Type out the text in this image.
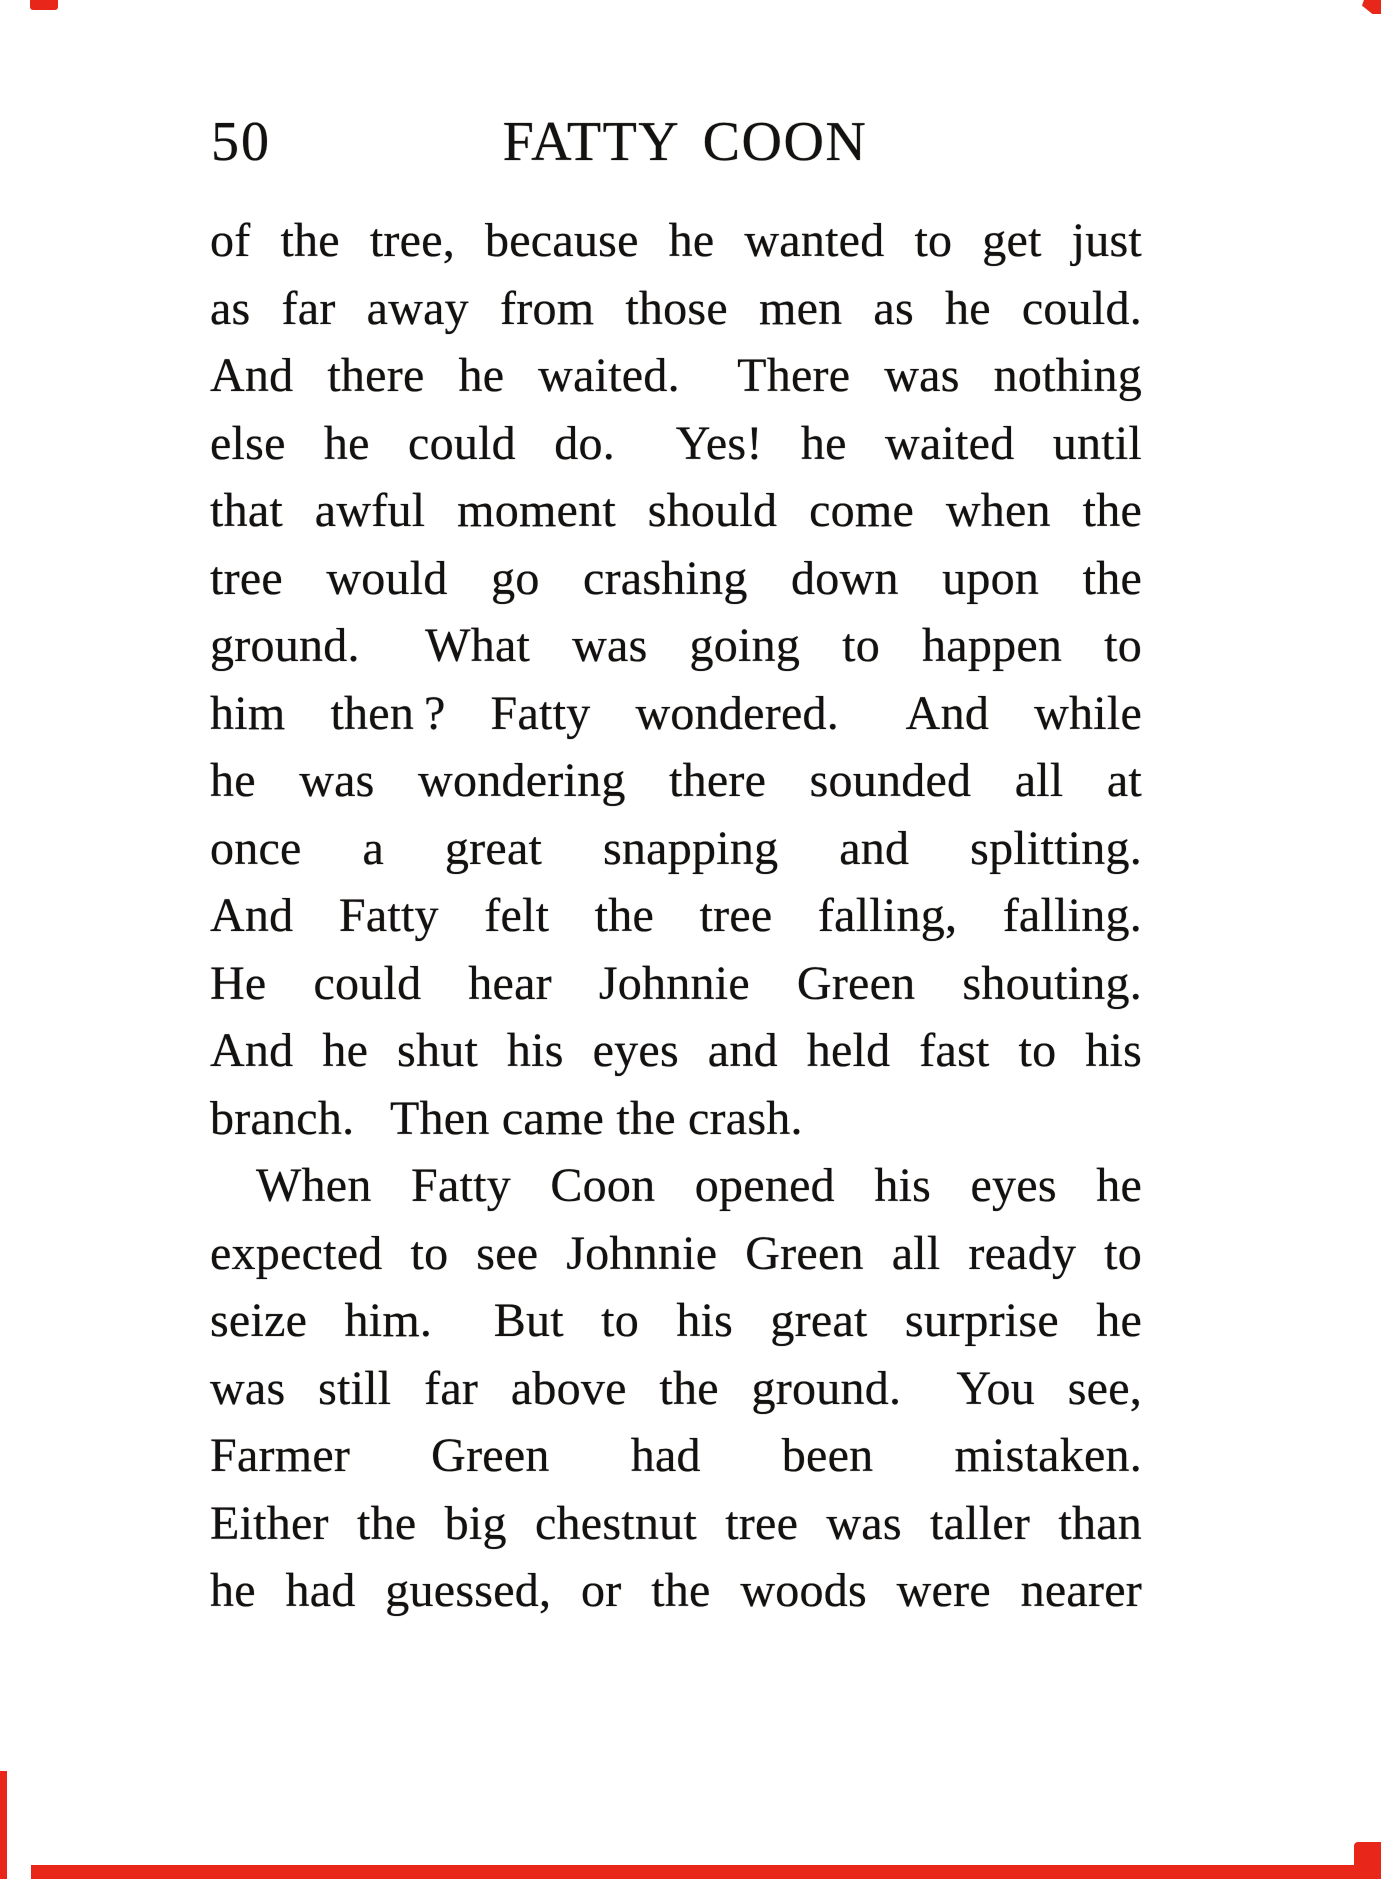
50	FATTY COON
of the tree, because he wanted to get just
as far away from those men as he could.
And there he waited.  There was nothing
else he could do.  Yes! he waited until
that awful moment should come when the
tree would go crashing down upon the
ground.  What was going to happen to
him then ? Fatty wondered.  And while
he was wondering there sounded all at
once a great snapping and splitting.
And Fatty felt the tree falling, falling.
He could hear Johnnie Green shouting.
And he shut his eyes and held fast to his
branch.  Then came the crash.
When Fatty Coon opened his eyes he
expected to see Johnnie Green all ready to
seize him.  But to his great surprise he
was still far above the ground.  You see,
Farmer Green had been mistaken.
Either the big chestnut tree was taller than
he had guessed, or the woods were nearer
